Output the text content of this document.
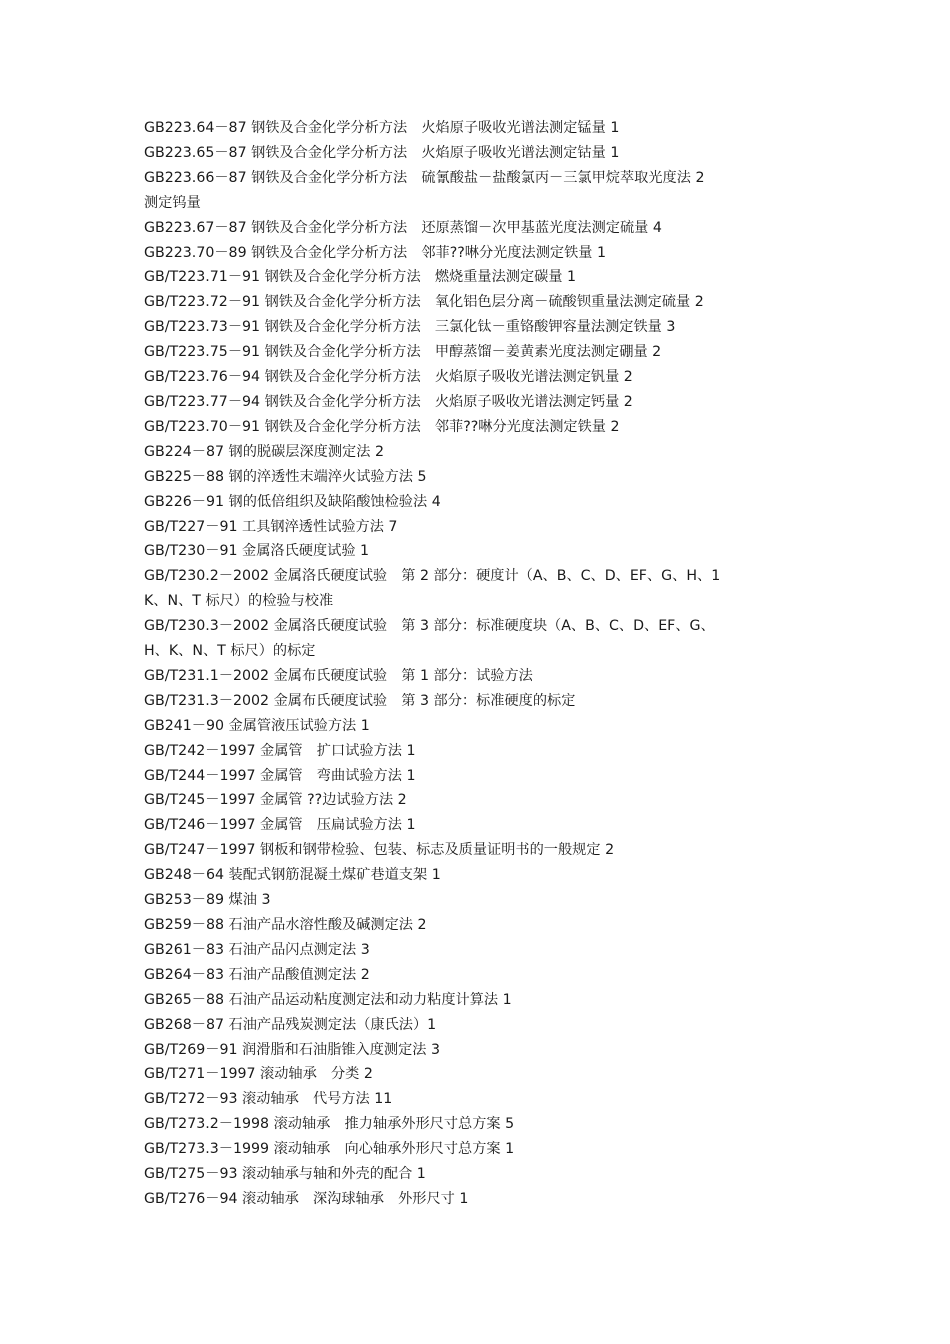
GB223.64－87 钢铁及合金化学分析方法　火焰原子吸收光谱法测定锰量 1
GB223.65－87 钢铁及合金化学分析方法　火焰原子吸收光谱法测定钴量 1
GB223.66－87 钢铁及合金化学分析方法　硫氰酸盐－盐酸氯丙－三氯甲烷萃取光度法 2
测定钨量
GB223.67－87 钢铁及合金化学分析方法　还原蒸馏－次甲基蓝光度法测定硫量 4
GB223.70－89 钢铁及合金化学分析方法　邻菲??啉分光度法测定铁量 1
GB/T223.71－91 钢铁及合金化学分析方法　燃烧重量法测定碳量 1
GB/T223.72－91 钢铁及合金化学分析方法　氧化铝色层分离－硫酸钡重量法测定硫量 2
GB/T223.73－91 钢铁及合金化学分析方法　三氯化钛－重铬酸钾容量法测定铁量 3
GB/T223.75－91 钢铁及合金化学分析方法　甲醇蒸馏－姜黄素光度法测定硼量 2
GB/T223.76－94 钢铁及合金化学分析方法　火焰原子吸收光谱法测定钒量 2
GB/T223.77－94 钢铁及合金化学分析方法　火焰原子吸收光谱法测定钙量 2
GB/T223.70－91 钢铁及合金化学分析方法　邻菲??啉分光度法测定铁量 2
GB224－87 钢的脱碳层深度测定法 2
GB225－88 钢的淬透性末端淬火试验方法 5
GB226－91 钢的低倍组织及缺陷酸蚀检验法 4
GB/T227－91 工具钢淬透性试验方法 7
GB/T230－91 金属洛氏硬度试验 1
GB/T230.2－2002 金属洛氏硬度试验　第 2 部分：硬度计（A、B、C、D、EF、G、H、1
K、N、T 标尺）的检验与校准
GB/T230.3－2002 金属洛氏硬度试验　第 3 部分：标准硬度块（A、B、C、D、EF、G、
H、K、N、T 标尺）的标定
GB/T231.1－2002 金属布氏硬度试验　第 1 部分：试验方法
GB/T231.3－2002 金属布氏硬度试验　第 3 部分：标准硬度的标定
GB241－90 金属管液压试验方法 1
GB/T242－1997 金属管　扩口试验方法 1
GB/T244－1997 金属管　弯曲试验方法 1
GB/T245－1997 金属管 ??边试验方法 2
GB/T246－1997 金属管　压扁试验方法 1
GB/T247－1997 钢板和钢带检验、包装、标志及质量证明书的一般规定 2
GB248－64 装配式钢筋混凝土煤矿巷道支架 1
GB253－89 煤油 3
GB259－88 石油产品水溶性酸及碱测定法 2
GB261－83 石油产品闪点测定法 3
GB264－83 石油产品酸值测定法 2
GB265－88 石油产品运动粘度测定法和动力粘度计算法 1
GB268－87 石油产品残炭测定法（康氏法）1
GB/T269－91 润滑脂和石油脂锥入度测定法 3
GB/T271－1997 滚动轴承　分类 2
GB/T272－93 滚动轴承　代号方法 11
GB/T273.2－1998 滚动轴承　推力轴承外形尺寸总方案 5
GB/T273.3－1999 滚动轴承　向心轴承外形尺寸总方案 1
GB/T275－93 滚动轴承与轴和外壳的配合 1
GB/T276－94 滚动轴承　深沟球轴承　外形尺寸 1
